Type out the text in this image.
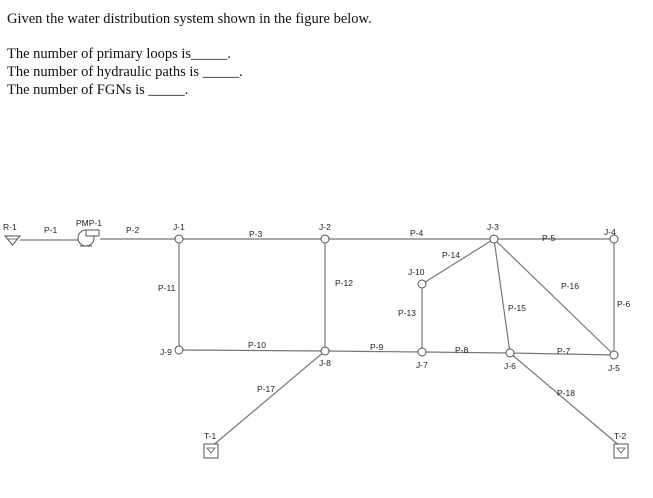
Given the water distribution system shown in the figure below.
The number of primary loops is_____.
The number of hydraulic paths is _____.
The number of FGNs is _____.
R-1	PMP-1	J-1	J-2	J-3	J-4
J-10
J-9
J-8	J-7	J-6	J-5
T-1	T-2
P-1	P-2	P-3	P-4	P-5
P-6
P-7
P-8
P-9
P-10
P-11	P-12
P-13
P-14
P-15
P-16
P-17	P-18
